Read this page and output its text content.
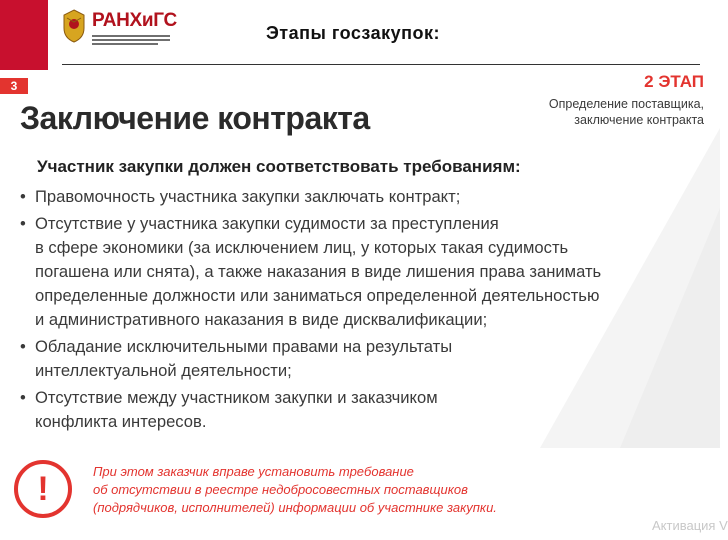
РАНХиГС
Этапы госзакупок:
3
Заключение контракта
2 ЭТАП
Определение поставщика,
заключение контракта
Участник закупки должен соответствовать требованиям:
• Правомочность участника закупки заключать контракт;
• Отсутствие у участника закупки судимости за преступления
в сфере экономики (за исключением лиц, у которых такая судимость
погашена или снята), а также наказания в виде лишения права занимать
определенные должности или заниматься определенной деятельностью
и административного наказания в виде дисквалификации;
• Обладание исключительными правами на результаты
интеллектуальной деятельности;
• Отсутствие между участником закупки и заказчиком
конфликта интересов.
!	При этом заказчик вправе установить требование
об отсутствии в реестре недобросовестных поставщиков
(подрядчиков, исполнителей) информации об участнике закупки.
Активация V
